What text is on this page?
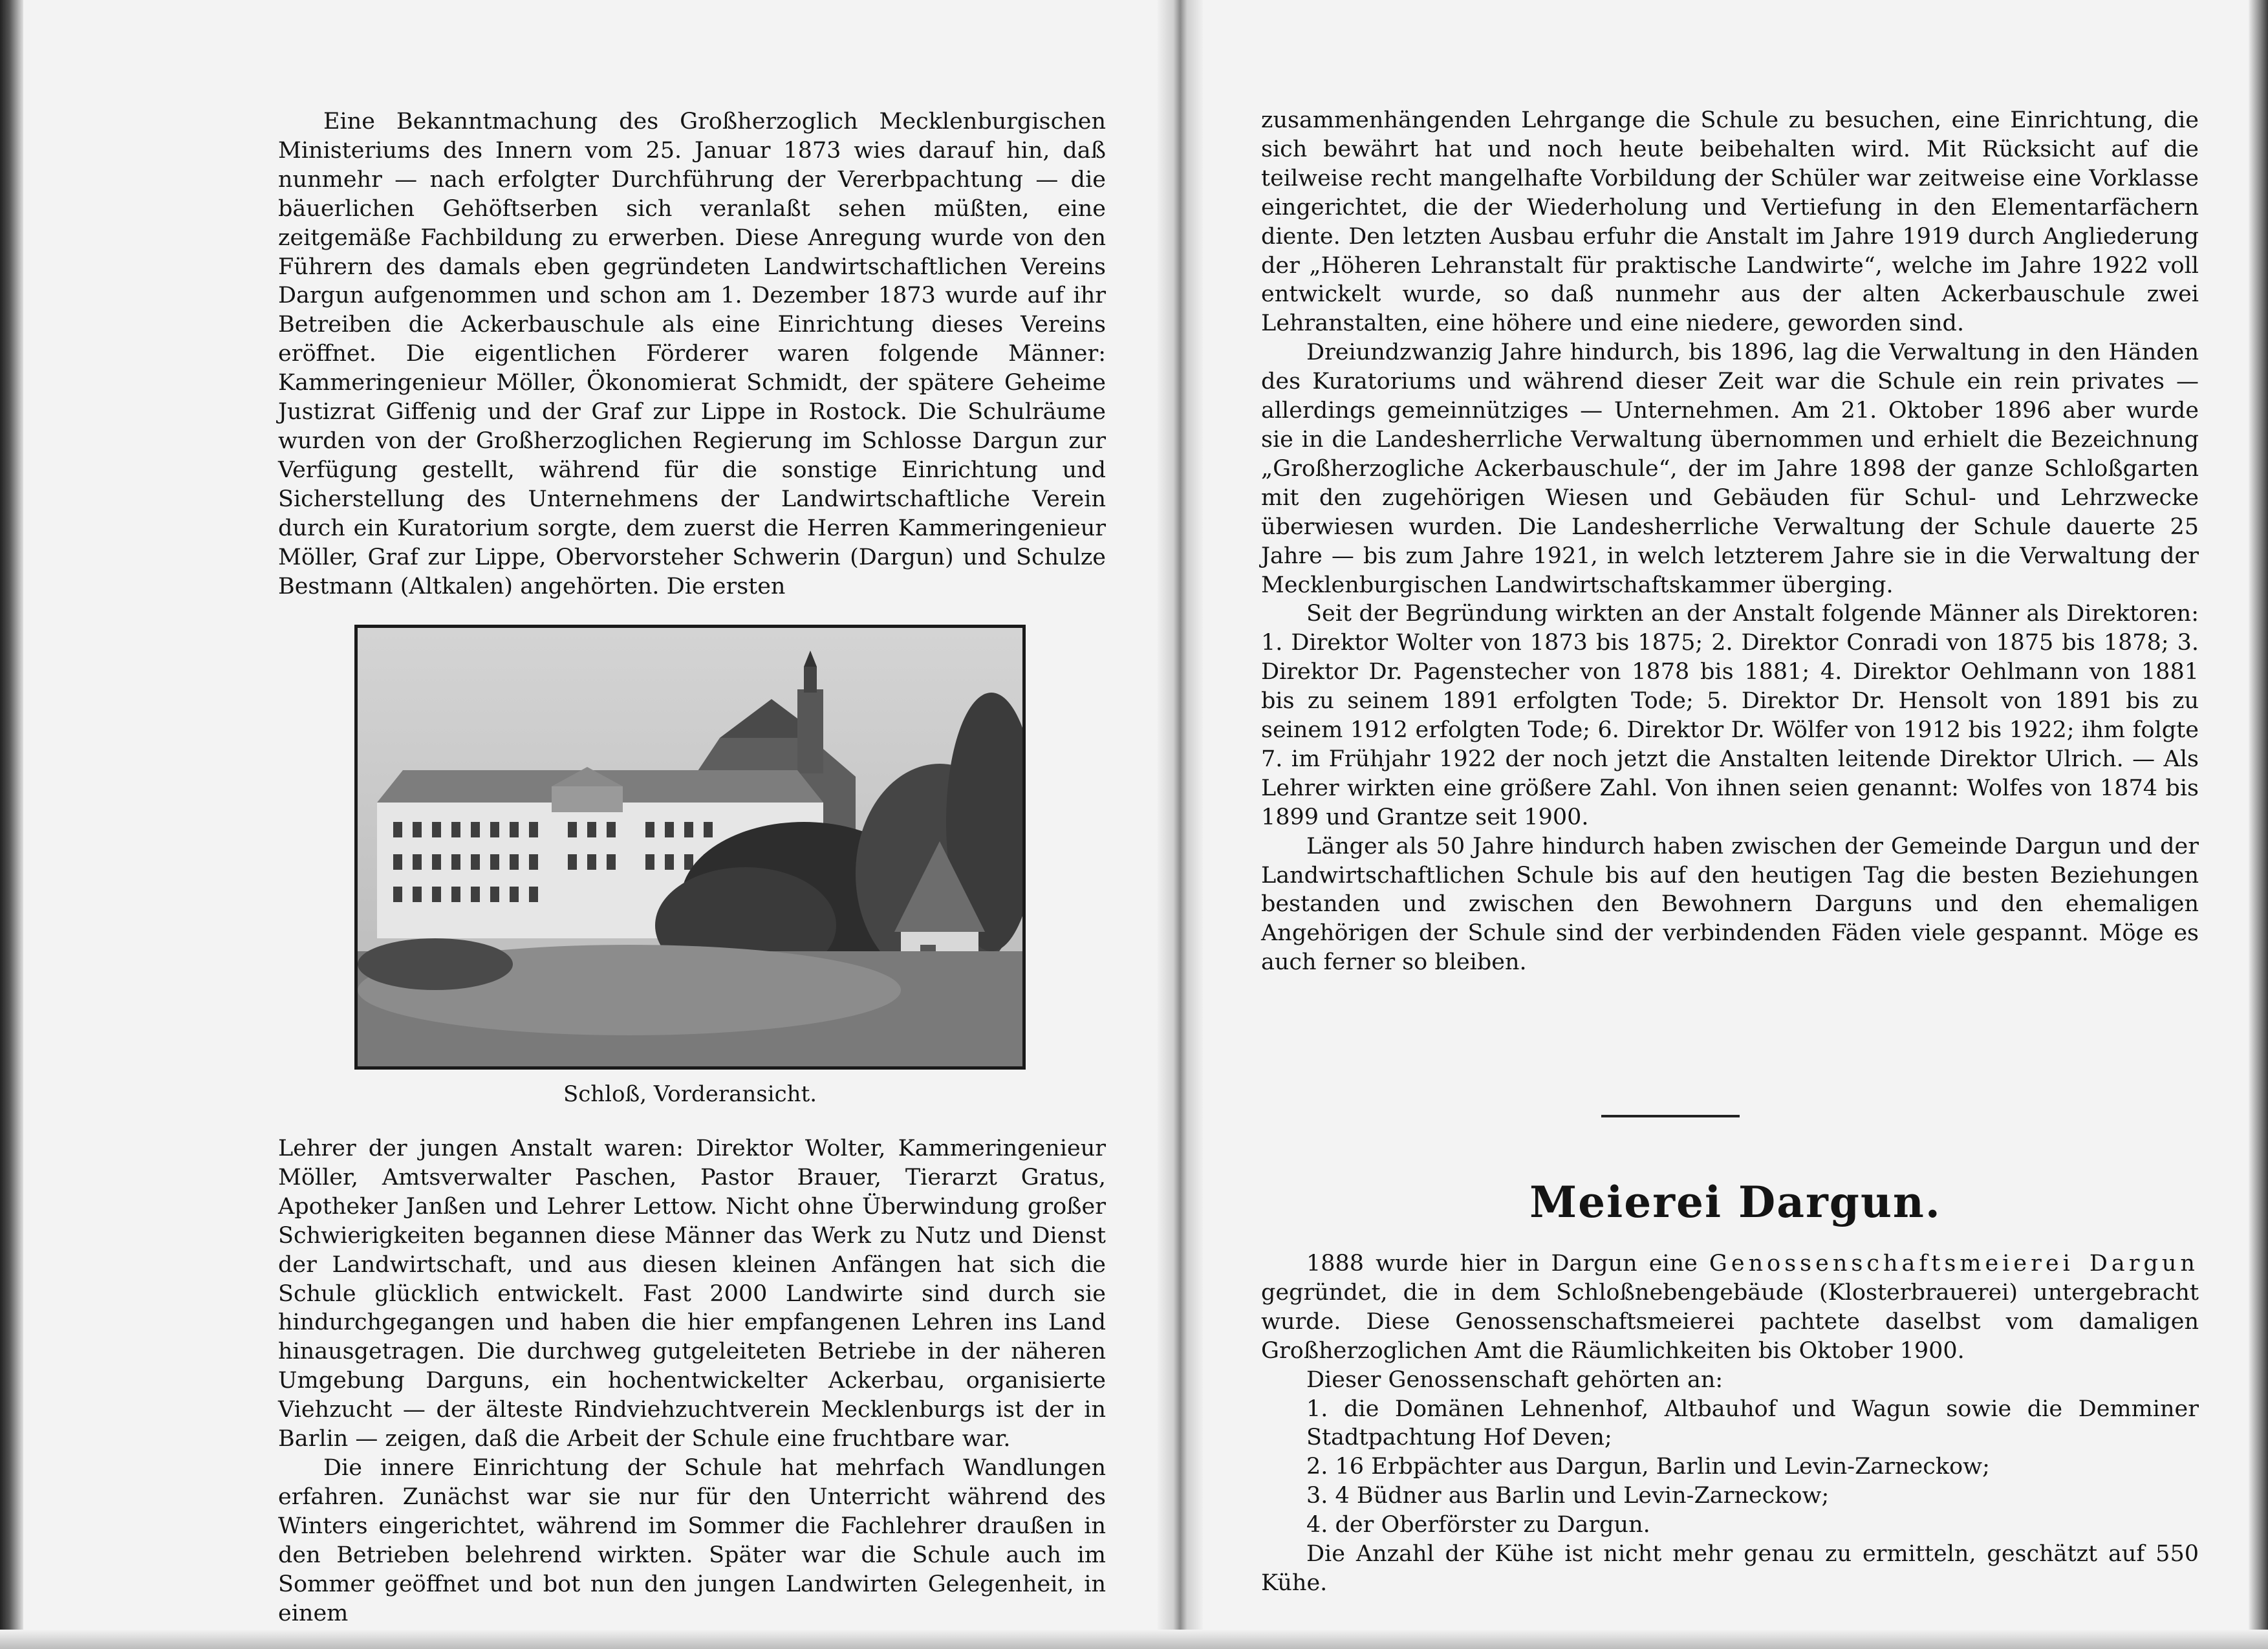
Eine Bekanntmachung des Großherzoglich Mecklenburgischen Ministeriums des Innern vom 25. Januar 1873 wies darauf hin, daß nunmehr — nach erfolgter Durchführung der Vererbpachtung — die bäuerlichen Gehöftserben sich veranlaßt sehen müßten, eine zeitgemäße Fachbildung zu erwerben. Diese Anregung wurde von den Führern des damals eben gegründeten Landwirtschaftlichen Vereins Dargun aufgenommen und schon am 1. Dezember 1873 wurde auf ihr Betreiben die Ackerbauschule als eine Einrichtung dieses Vereins eröffnet. Die eigentlichen Förderer waren folgende Männer: Kammeringenieur Möller, Ökonomierat Schmidt, der spätere Geheime Justizrat Giffenig und der Graf zur Lippe in Rostock. Die Schulräume wurden von der Großherzoglichen Regierung im Schlosse Dargun zur Verfügung gestellt, während für die sonstige Einrichtung und Sicherstellung des Unternehmens der Landwirtschaftliche Verein durch ein Kuratorium sorgte, dem zuerst die Herren Kammeringenieur Möller, Graf zur Lippe, Obervorsteher Schwerin (Dargun) und Schulze Bestmann (Altkalen) angehörten. Die ersten

Schloß, Vorderansicht.

Lehrer der jungen Anstalt waren: Direktor Wolter, Kammeringenieur Möller, Amtsverwalter Paschen, Pastor Brauer, Tierarzt Gratus, Apotheker Janßen und Lehrer Lettow. Nicht ohne Überwindung großer Schwierigkeiten begannen diese Männer das Werk zu Nutz und Dienst der Landwirtschaft, und aus diesen kleinen Anfängen hat sich die Schule glücklich entwickelt. Fast 2000 Landwirte sind durch sie hindurchgegangen und haben die hier empfangenen Lehren ins Land hinausgetragen. Die durchweg gutgeleiteten Betriebe in der näheren Umgebung Darguns, ein hochentwickelter Ackerbau, organisierte Viehzucht — der älteste Rindviehzuchtverein Mecklenburgs ist der in Barlin — zeigen, daß die Arbeit der Schule eine fruchtbare war.

Die innere Einrichtung der Schule hat mehrfach Wandlungen erfahren. Zunächst war sie nur für den Unterricht während des Winters eingerichtet, während im Sommer die Fachlehrer draußen in den Betrieben belehrend wirkten. Später war die Schule auch im Sommer geöffnet und bot nun den jungen Landwirten Gelegenheit, in einem

zusammenhängenden Lehrgange die Schule zu besuchen, eine Einrichtung, die sich bewährt hat und noch heute beibehalten wird. Mit Rücksicht auf die teilweise recht mangelhafte Vorbildung der Schüler war zeitweise eine Vorklasse eingerichtet, die der Wiederholung und Vertiefung in den Elementarfächern diente. Den letzten Ausbau erfuhr die Anstalt im Jahre 1919 durch Angliederung der „Höheren Lehranstalt für praktische Landwirte“, welche im Jahre 1922 voll entwickelt wurde, so daß nunmehr aus der alten Ackerbauschule zwei Lehranstalten, eine höhere und eine niedere, geworden sind.

Dreiundzwanzig Jahre hindurch, bis 1896, lag die Verwaltung in den Händen des Kuratoriums und während dieser Zeit war die Schule ein rein privates — allerdings gemeinnütziges — Unternehmen. Am 21. Oktober 1896 aber wurde sie in die Landesherrliche Verwaltung übernommen und erhielt die Bezeichnung „Großherzogliche Ackerbauschule“, der im Jahre 1898 der ganze Schloßgarten mit den zugehörigen Wiesen und Gebäuden für Schul- und Lehrzwecke überwiesen wurden. Die Landesherrliche Verwaltung der Schule dauerte 25 Jahre — bis zum Jahre 1921, in welch letzterem Jahre sie in die Verwaltung der Mecklenburgischen Landwirtschaftskammer überging.

Seit der Begründung wirkten an der Anstalt folgende Männer als Direktoren: 1. Direktor Wolter von 1873 bis 1875; 2. Direktor Conradi von 1875 bis 1878; 3. Direktor Dr. Pagenstecher von 1878 bis 1881; 4. Direktor Oehlmann von 1881 bis zu seinem 1891 erfolgten Tode; 5. Direktor Dr. Hensolt von 1891 bis zu seinem 1912 erfolgten Tode; 6. Direktor Dr. Wölfer von 1912 bis 1922; ihm folgte 7. im Frühjahr 1922 der noch jetzt die Anstalten leitende Direktor Ulrich. — Als Lehrer wirkten eine größere Zahl. Von ihnen seien genannt: Wolfes von 1874 bis 1899 und Grantze seit 1900.

Länger als 50 Jahre hindurch haben zwischen der Gemeinde Dargun und der Landwirtschaftlichen Schule bis auf den heutigen Tag die besten Beziehungen bestanden und zwischen den Bewohnern Darguns und den ehemaligen Angehörigen der Schule sind der verbindenden Fäden viele gespannt. Möge es auch ferner so bleiben.

Meierei Dargun.

1888 wurde hier in Dargun eine Genossenschaftsmeierei Dargun gegründet, die in dem Schloßnebengebäude (Klosterbrauerei) untergebracht wurde. Diese Genossenschaftsmeierei pachtete daselbst vom damaligen Großherzoglichen Amt die Räumlichkeiten bis Oktober 1900.

Dieser Genossenschaft gehörten an:

1. die Domänen Lehnenhof, Altbauhof und Wagun sowie die Demminer Stadtpachtung Hof Deven;
2. 16 Erbpächter aus Dargun, Barlin und Levin-Zarneckow;
3. 4 Büdner aus Barlin und Levin-Zarneckow;
4. der Oberförster zu Dargun.

Die Anzahl der Kühe ist nicht mehr genau zu ermitteln, geschätzt auf 550 Kühe.
